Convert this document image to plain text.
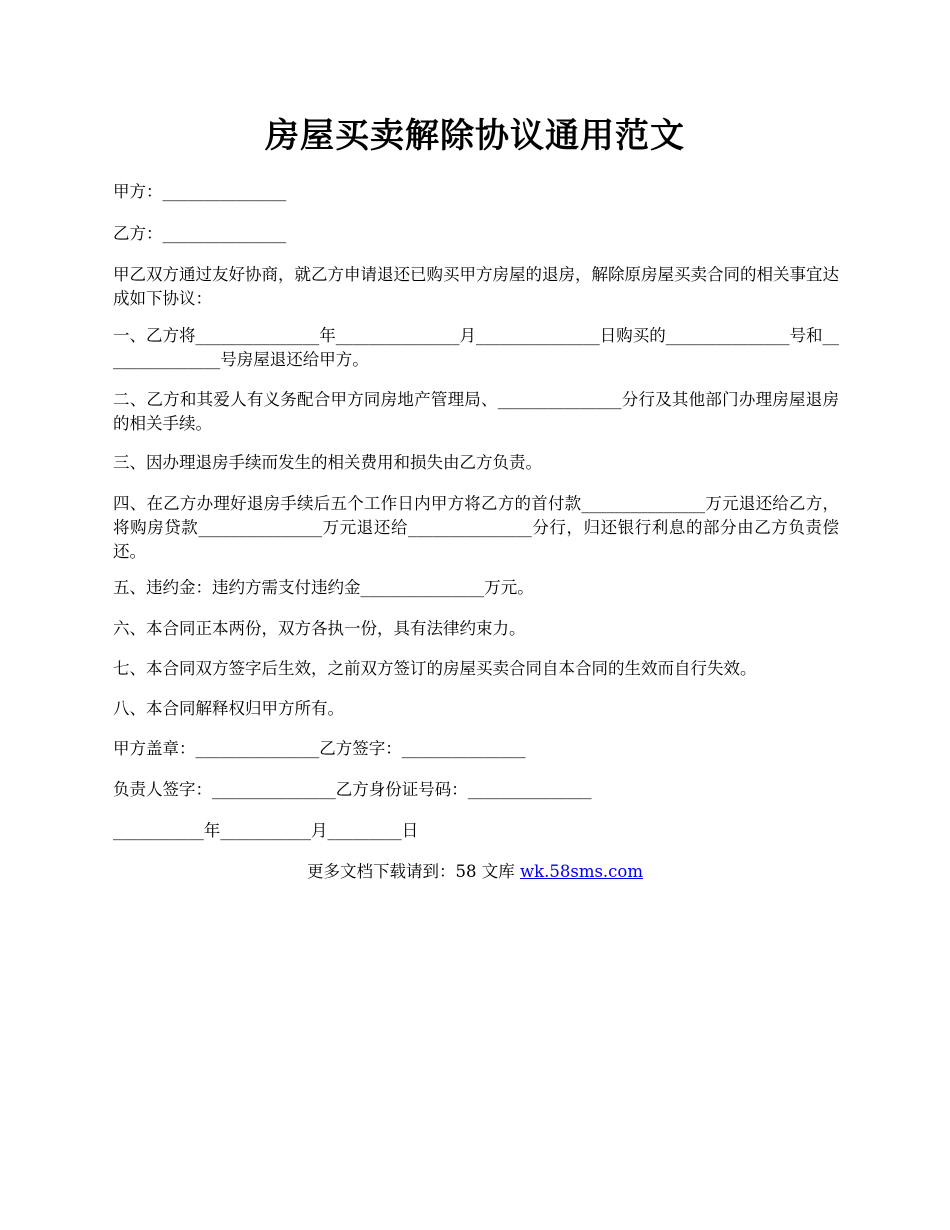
房屋买卖解除协议通用范文
甲方：_______________
乙方：_______________
甲乙双方通过友好协商，就乙方申请退还已购买甲方房屋的退房，解除原房屋买卖合同的相关事宜达成如下协议：
一、乙方将_______________年_______________月_______________日购买的_______________号和_______________号房屋退还给甲方。
二、乙方和其爱人有义务配合甲方同房地产管理局、_______________分行及其他部门办理房屋退房的相关手续。
三、因办理退房手续而发生的相关费用和损失由乙方负责。
四、在乙方办理好退房手续后五个工作日内甲方将乙方的首付款_______________万元退还给乙方，将购房贷款_______________万元退还给_______________分行，归还银行利息的部分由乙方负责偿还。
五、违约金：违约方需支付违约金_______________万元。
六、本合同正本两份，双方各执一份，具有法律约束力。
七、本合同双方签字后生效，之前双方签订的房屋买卖合同自本合同的生效而自行失效。
八、本合同解释权归甲方所有。
甲方盖章：_______________乙方签字：_______________
负责人签字：_______________乙方身份证号码：_______________
___________年___________月_________日
更多文档下载请到：58 文库 wk.58sms.com
